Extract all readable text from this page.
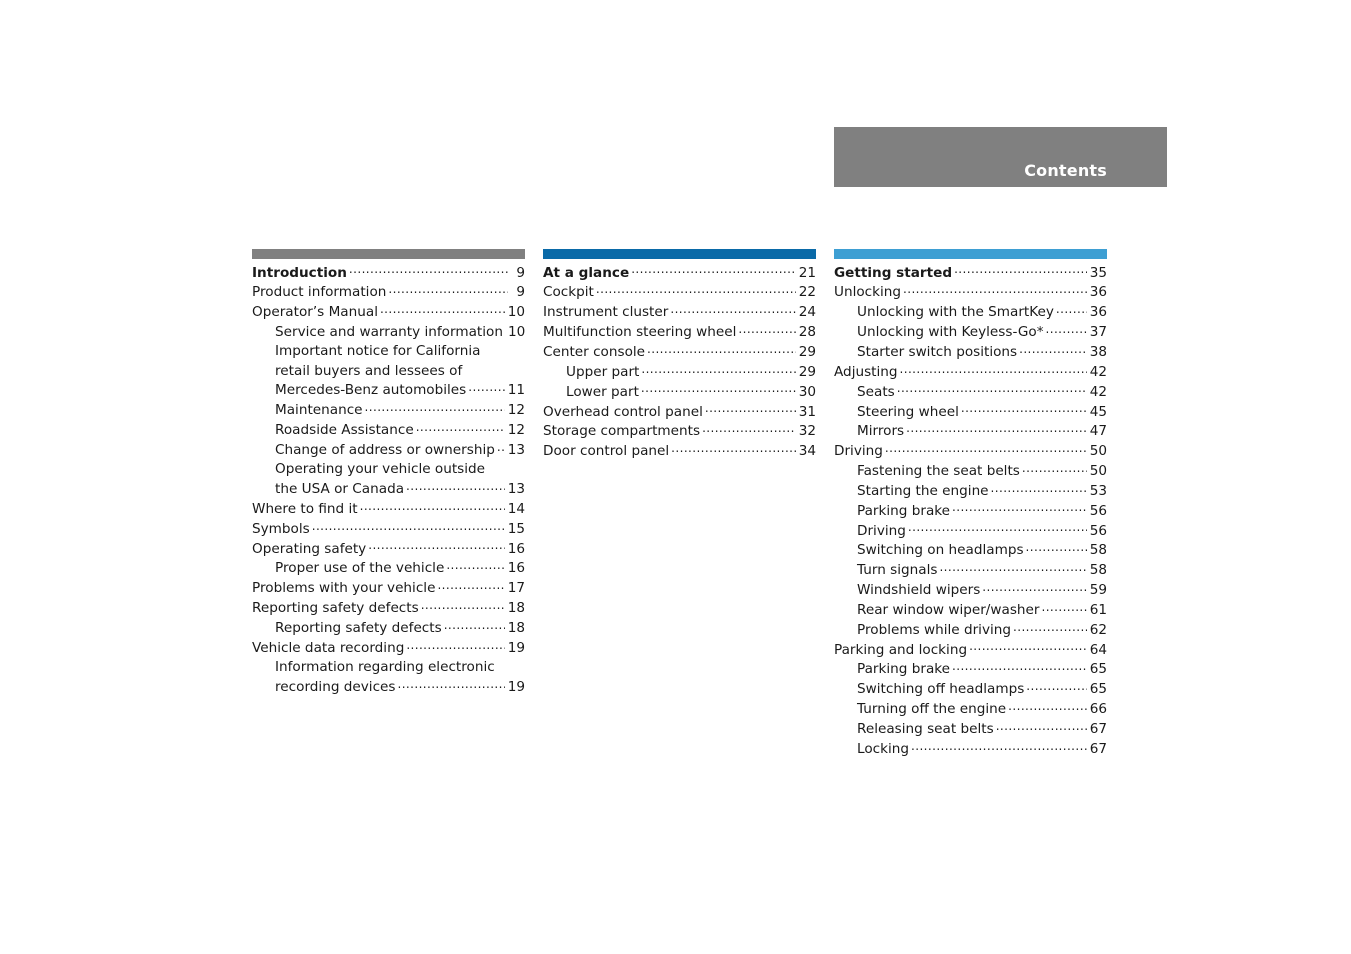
Contents
Introduction .....	9
Product information .....	9
Operator’s Manual .....	10
Service and warranty information 10
Important notice for California
retail buyers and lessees of
Mercedes-Benz automobiles .....	11
Maintenance .....	12
Roadside Assistance .....	12
Change of address or ownership ..... 13
Operating your vehicle outside
the USA or Canada .....	13
Where to find it .....	14
Symbols .....	15
Operating safety .....	16
Proper use of the vehicle .....	16
Problems with your vehicle .....	17
Reporting safety defects .....	18
Reporting safety defects .....	18
Vehicle data recording .....	19
Information regarding electronic
recording devices .....	19
At a glance .....	21
Cockpit .....	22
Instrument cluster .....	24
Multifunction steering wheel .....	28
Center console .....	29
Upper part .....	29
Lower part .....	30
Overhead control panel .....	31
Storage compartments .....	32
Door control panel .....	34
Getting started .....	35
Unlocking .....	36
Unlocking with the SmartKey .....	36
Unlocking with Keyless-Go* .....	37
Starter switch positions .....	38
Adjusting .....	42
Seats .....	42
Steering wheel .....	45
Mirrors .....	47
Driving .....	50
Fastening the seat belts .....	50
Starting the engine .....	53
Parking brake .....	56
Driving .....	56
Switching on headlamps .....	58
Turn signals .....	58
Windshield wipers .....	59
Rear window wiper/washer .....	61
Problems while driving .....	62
Parking and locking .....	64
Parking brake .....	65
Switching off headlamps .....	65
Turning off the engine .....	66
Releasing seat belts .....	67
Locking .....	67
